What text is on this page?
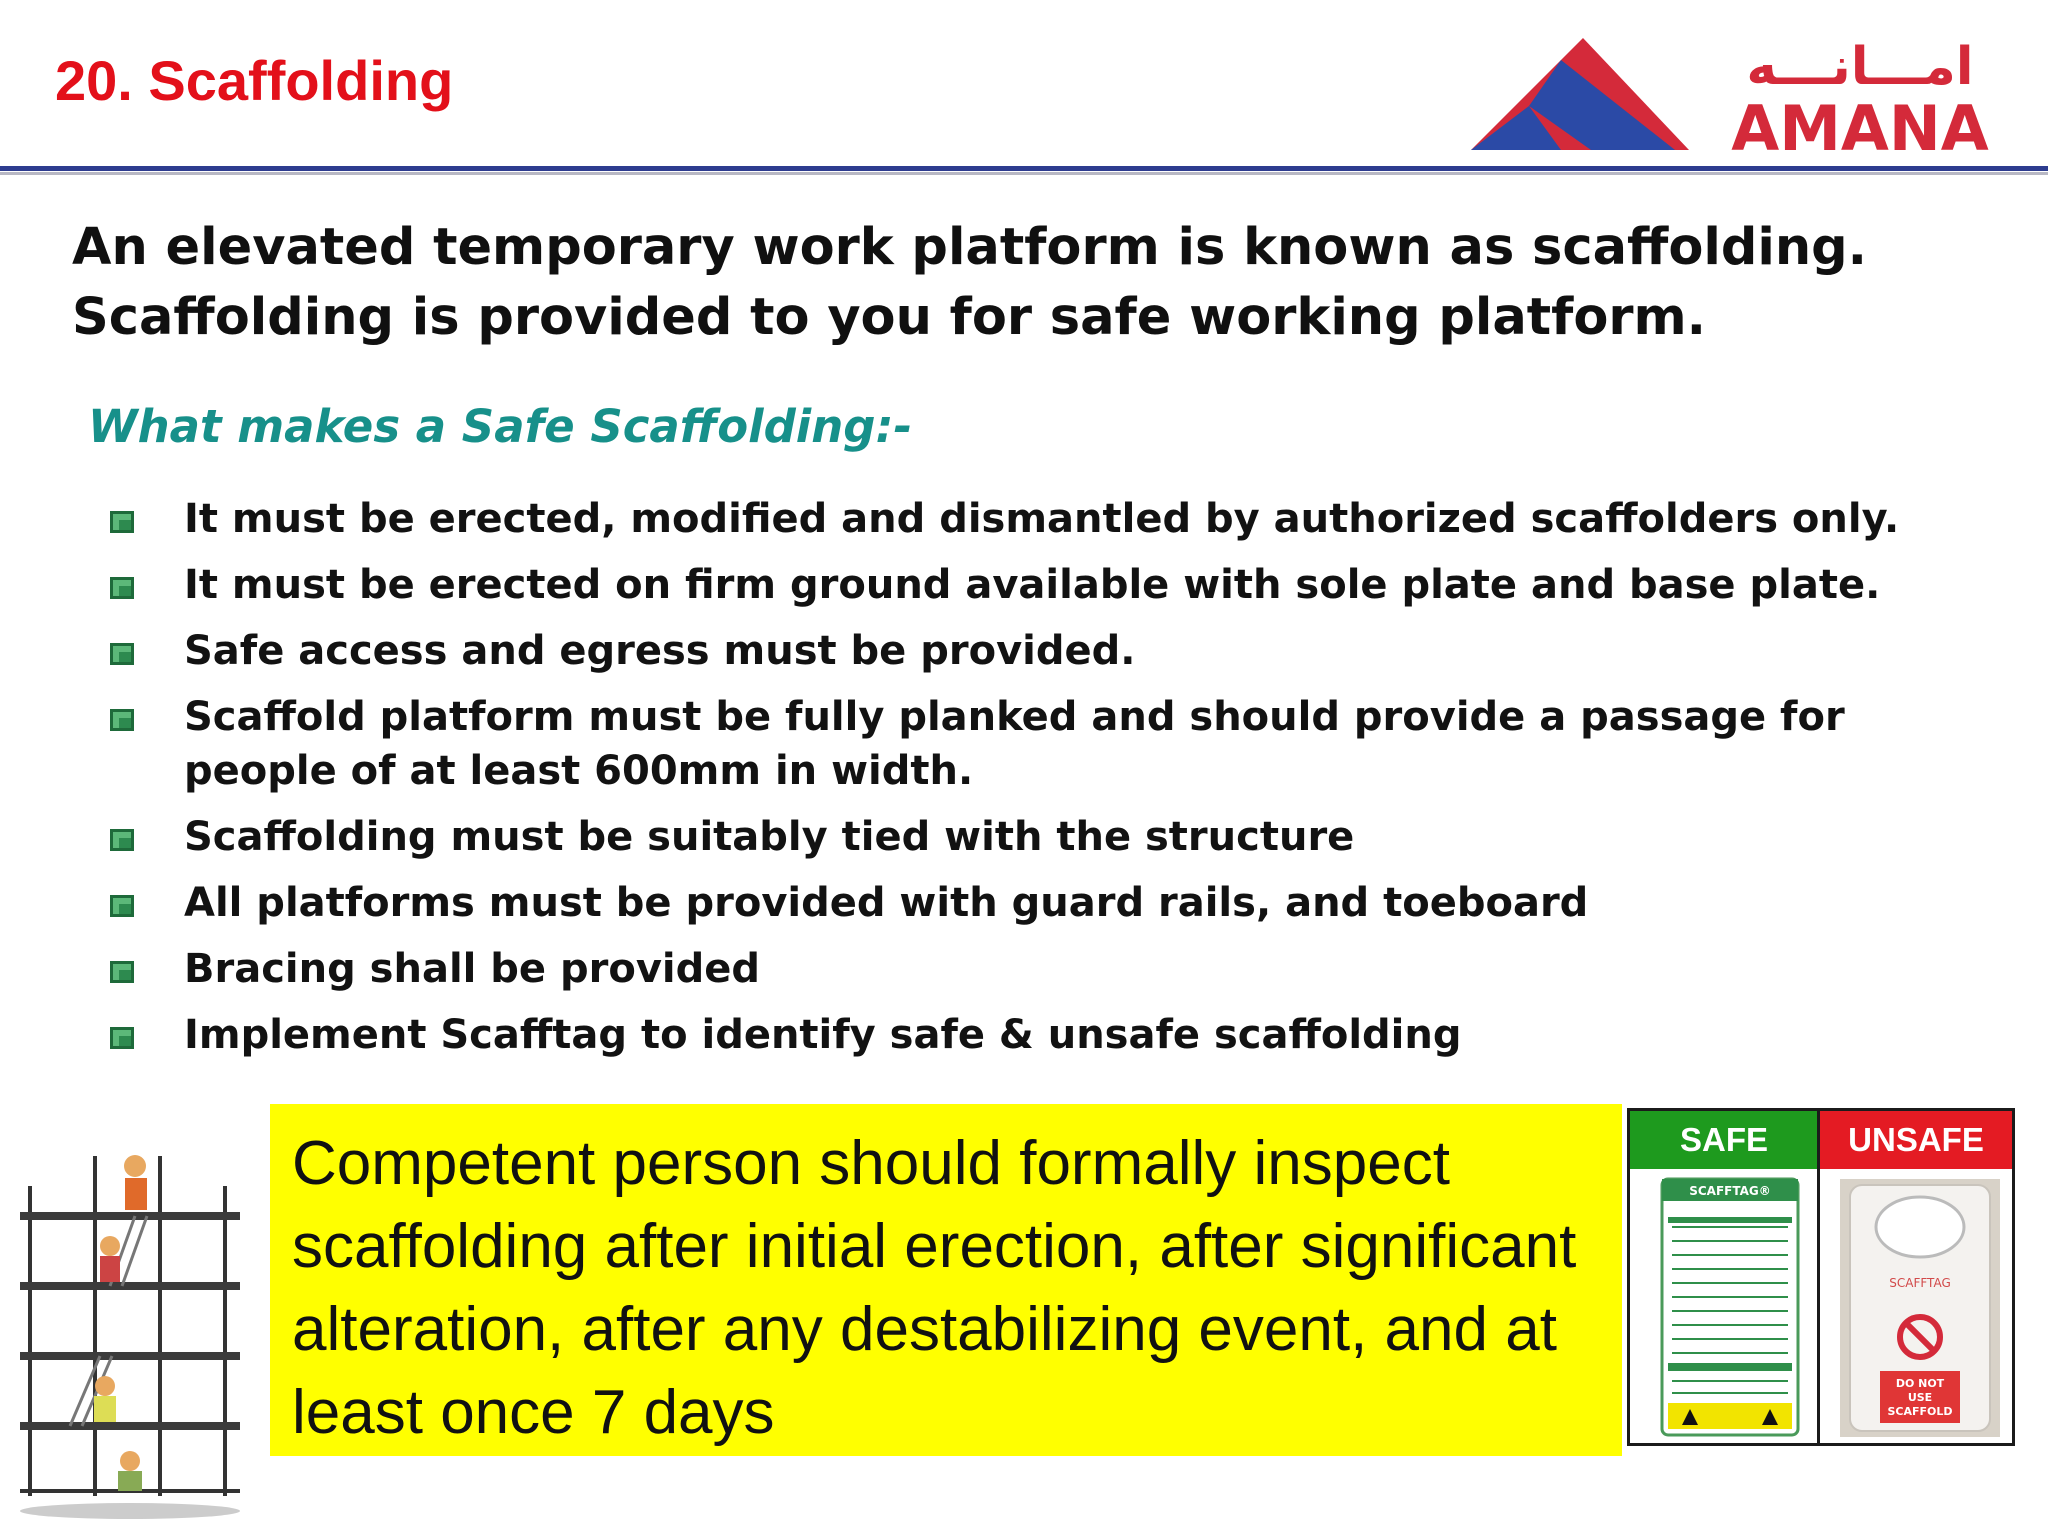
20. Scaffolding	امـــانـــه
AMANA
An elevated temporary work platform is known as scaffolding.
Scaffolding is provided to you for safe working platform.
What makes a Safe Scaffolding:-
It must be erected, modified and dismantled by authorized scaffolders only.
It must be erected on firm ground available with sole plate and base plate.
Safe access and egress must be provided.
Scaffold platform must be fully planked and should provide a passage for people of at least 600mm in width.
Scaffolding must be suitably tied with the structure
All platforms must be provided with guard rails, and toeboard
Bracing shall be provided
Implement Scafftag to identify safe & unsafe scaffolding

Competent person should formally inspect scaffolding after initial erection, after significant alteration, after any destabilizing event, and at least once 7 days

SAFE	UNSAFE
SCAFFTAG®
SCAFFTAG
DO NOT
USE
SCAFFOLD
